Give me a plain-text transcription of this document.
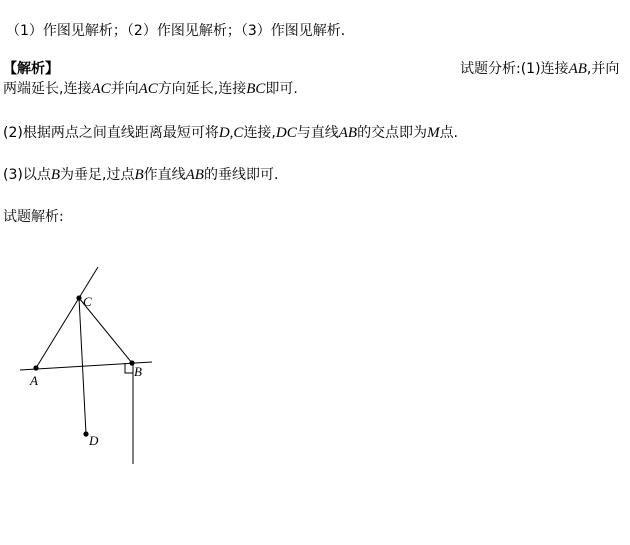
（1）作图见解析；（2）作图见解析；（3）作图见解析.
【解析】	试题分析:(1)连接AB,并向
两端延长,连接AC并向AC方向延长,连接BC即可.
(2)根据两点之间直线距离最短可将D,C连接,DC与直线AB的交点即为M点.
(3)以点B为垂足,过点B作直线AB的垂线即可.
试题解析:
A
B
C
D
